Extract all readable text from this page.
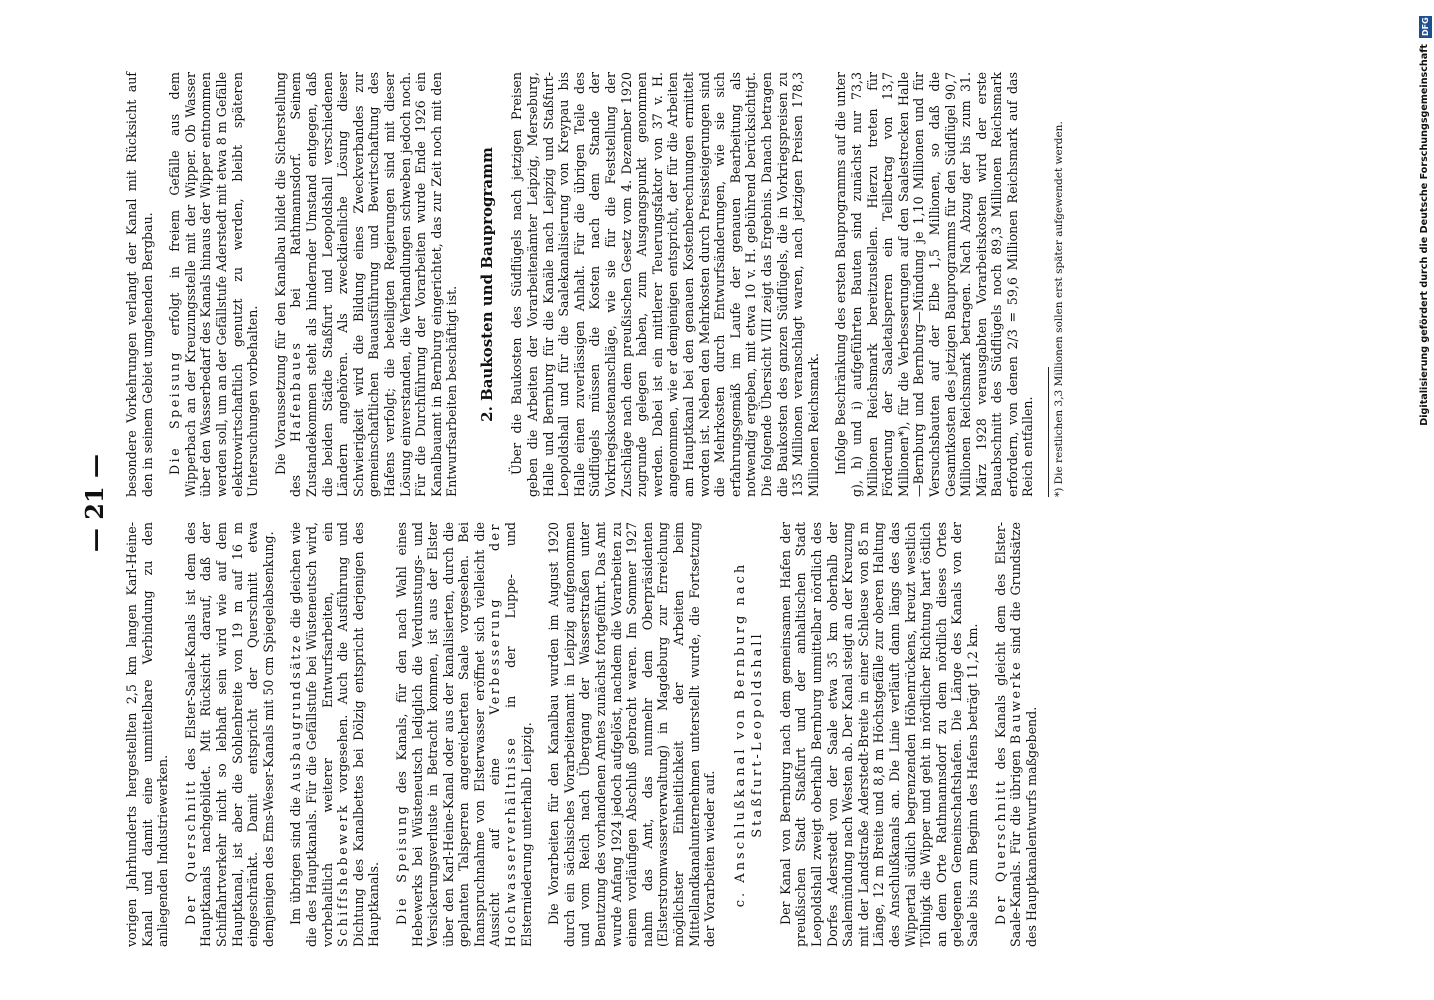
— 21 —

vorigen Jahrhunderts hergestellten 2,5 km langen Karl-Heine-Kanal und damit eine unmittelbare Verbindung zu den anliegenden Industriewerken. Der Querschnitt des Elster-Saale-Kanals ist dem des Hauptkanals nachgebildet. Mit Rücksicht darauf, daß der Schiffahrtverkehr nicht so lebhaft sein wird wie auf dem Hauptkanal, ist aber die Sohlenbreite von 19 m auf 16 m eingeschränkt. Damit entspricht der Querschnitt etwa demjenigen des Ems-Weser-Kanals mit 50 cm Spiegelabsenkung. Im übrigen sind die Ausbaugrundsätze die gleichen wie die des Hauptkanals. Für die Gefällstufe bei Wüsteneutsch wird, vorbehaltlich weiterer Entwurfsarbeiten, ein Schiffshebewerk vorgesehen. Auch die Ausführung und Dichtung des Kanalbettes bei Dölzig entspricht derjenigen des Hauptkanals. Die Speisung des Kanals, für den nach Wahl eines Hebewerks bei Wüsteneutsch lediglich die Verdunstungs- und Versickerungsverluste in Betracht kommen, ist aus der Elster über den Karl-Heine-Kanal oder aus der kanalisierten, durch die geplanten Talsperren angereicherten Saale vorgesehen. Bei Inanspruchnahme von Elsterwasser eröffnet sich vielleicht die Aussicht auf eine Verbesserung der Hochwasserverhältnisse in der Luppe- und Elsterniederung unterhalb Leipzig. Die Vorarbeiten für den Kanalbau wurden im August 1920 durch ein sächsisches Vorarbeitenamt in Leipzig aufgenommen und vom Reich nach Übergang der Wasserstraßen unter Benutzung des vorhandenen Amtes zunächst fortgeführt. Das Amt wurde Anfang 1924 jedoch aufgelöst, nachdem die Vorarbeiten zu einem vorläufigen Abschluß gebracht waren. Im Sommer 1927 nahm das Amt, das nunmehr dem Oberpräsidenten (Elsterstromwasserverwaltung) in Magdeburg zur Erreichung möglichster Einheitlichkeit der Arbeiten beim Mittellandkanalunternehmen unterstellt wurde, die Fortsetzung der Vorarbeiten wieder auf. c. Anschlußkanal von Bernburg nach Staßfurt-Leopoldshall Der Kanal von Bernburg nach dem gemeinsamen Hafen der preußischen Stadt Staßfurt und der anhaltischen Stadt Leopoldshall zweigt oberhalb Bernburg unmittelbar nördlich des Dorfes Aderstedt von der Saale etwa 35 km oberhalb der Saalemündung nach Westen ab. Der Kanal steigt an der Kreuzung mit der Landstraße Aderstedt-Breite in einer Schleuse von 85 m Länge, 12 m Breite und 8,8 m Höchstgefälle zur oberen Haltung des Anschlußkanals an. Die Linie verläuft dann längs des das Wippertal südlich begrenzenden Höhenrückens, kreuzt westlich Töllnigk die Wipper und geht in nördlicher Richtung hart östlich an dem Orte Rathmannsdorf zu dem nördlich dieses Ortes gelegenen Gemeinschaftshafen. Die Länge des Kanals von der Saale bis zum Beginn des Hafens beträgt 11,2 km. Der Querschnitt des Kanals gleicht dem des Elster-Saale-Kanals. Für die übrigen Bauwerke sind die Grundsätze des Hauptkanalentwurfs maßgebend.

besondere Vorkehrungen verlangt der Kanal mit Rücksicht auf den in seinem Gebiet umgehenden Bergbau. Die Speisung erfolgt in freiem Gefälle aus dem Wipperbach an der Kreuzungsstelle mit der Wipper. Ob Wasser über den Wasserbedarf des Kanals hinaus der Wipper entnommen werden soll, um an der Gefällstufe Aderstedt mit etwa 8 m Gefälle elektrowirtschaftlich genutzt zu werden, bleibt späteren Untersuchungen vorbehalten. Die Voraussetzung für den Kanalbau bildet die Sicherstellung des Hafenbaues bei Rathmannsdorf. Seinem Zustandekommen steht als hindernder Umstand entgegen, daß die beiden Städte Staßfurt und Leopoldshall verschiedenen Ländern angehören. Als zweckdienliche Lösung dieser Schwierigkeit wird die Bildung eines Zweckverbandes zur gemeinschaftlichen Bauausführung und Bewirtschaftung des Hafens verfolgt; die beteiligten Regierungen sind mit dieser Lösung einverstanden, die Verhandlungen schweben jedoch noch. Für die Durchführung der Vorarbeiten wurde Ende 1926 ein Kanalbauamt in Bernburg eingerichtet, das zur Zeit noch mit den Entwurfsarbeiten beschäftigt ist. 2. Baukosten und Bauprogramm Über die Baukosten des Südflügels nach jetzigen Preisen geben die Arbeiten der Vorarbeitenämter Leipzig, Merseburg, Halle und Bernburg für die Kanäle nach Leipzig und Staßfurt-Leopoldshall und für die Saalekanalisierung von Kreypau bis Halle einen zuverlässigen Anhalt. Für die übrigen Teile des Südflügels müssen die Kosten nach dem Stande der Vorkriegskostenanschläge, wie sie für die Feststellung der Zuschläge nach dem preußischen Gesetz vom 4. Dezember 1920 zugrunde gelegen haben, zum Ausgangspunkt genommen werden. Dabei ist ein mittlerer Teuerungsfaktor von 37 v. H. angenommen, wie er demjenigen entspricht, der für die Arbeiten am Hauptkanal bei den genauen Kostenberechnungen ermittelt worden ist. Neben den Mehrkosten durch Preissteigerungen sind die Mehrkosten durch Entwurfsänderungen, wie sie sich erfahrungsgemäß im Laufe der genauen Bearbeitung als notwendig ergeben, mit etwa 10 v. H. gebührend berücksichtigt. Die folgende Übersicht VIII zeigt das Ergebnis. Danach betragen die Baukosten des ganzen Südflügels, die in Vorkriegspreisen zu 135 Millionen veranschlagt waren, nach jetzigen Preisen 178,3 Millionen Reichsmark. Infolge Beschränkung des ersten Bauprogramms auf die unter g), h) und i) aufgeführten Bauten sind zunächst nur 73,3 Millionen Reichsmark bereitzustellen. Hierzu treten für Förderung der Saaletalsperren ein Teilbetrag von 13,7 Millionen*), für die Verbesserungen auf den Saalestrecken Halle—Bernburg und Bernburg—Mündung je 1,10 Millionen und für Versuchsbauten auf der Elbe 1,5 Millionen, so daß die Gesamtkosten des jetzigen Bauprogramms für den Südflügel 90,7 Millionen Reichsmark betragen. Nach Abzug der bis zum 31. März 1928 verausgabten Vorarbeitskosten wird der erste Bauabschnitt des Südflügels noch 89,3 Millionen Reichsmark erfordern, von denen 2/3 = 59,6 Millionen Reichsmark auf das Reich entfallen. *) Die restlichen 3,3 Millionen sollen erst später aufgewendet werden.

DFG
Digitalisierung gefördert durch die Deutsche Forschungsgemeinschaft
